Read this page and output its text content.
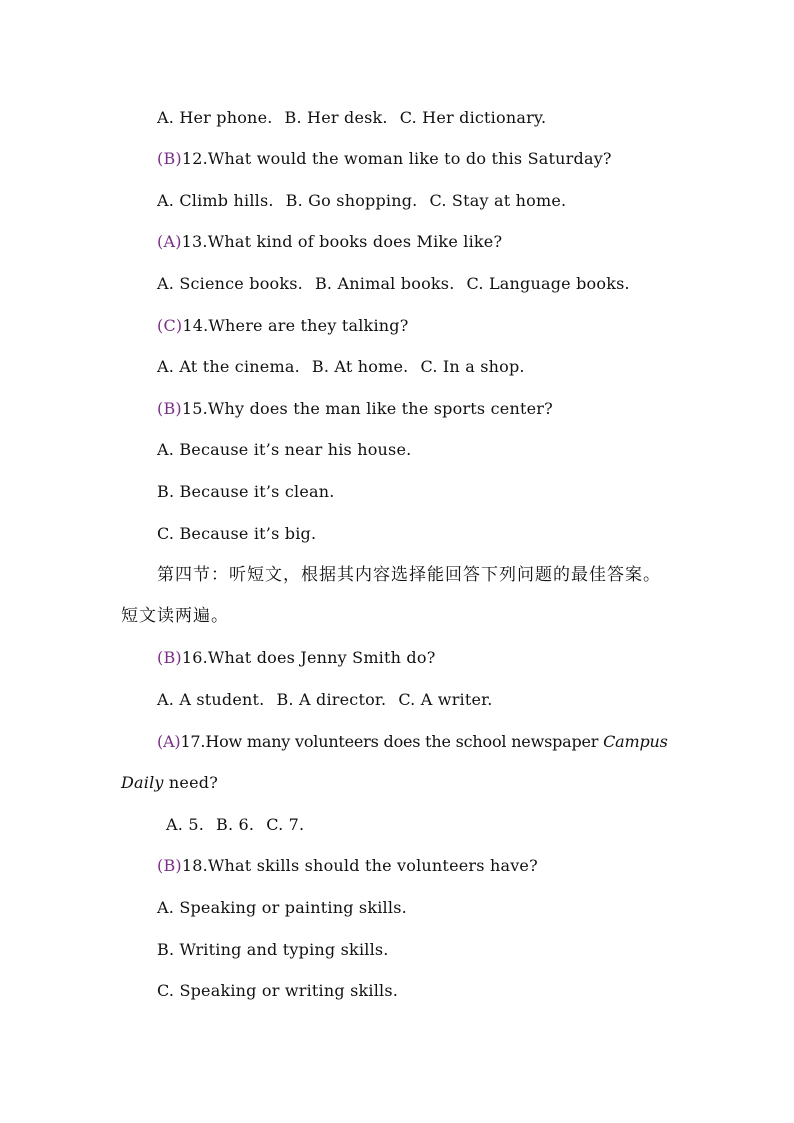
A. Her phone. B. Her desk. C. Her dictionary.
(B)12.What would the woman like to do this Saturday?
A. Climb hills. B. Go shopping. C. Stay at home.
(A)13.What kind of books does Mike like?
A. Science books. B. Animal books. C. Language books.
(C)14.Where are they talking?
A. At the cinema. B. At home. C. In a shop.
(B)15.Why does the man like the sports center?
A. Because it’s near his house.
B. Because it’s clean.
C. Because it’s big.
第四节：听短文，根据其内容选择能回答下列问题的最佳答案。
短文读两遍。
(B)16.What does Jenny Smith do?
A. A student. B. A director. C. A writer.
(A)17.How many volunteers does the school newspaper Campus
Daily need?
A. 5. B. 6. C. 7.
(B)18.What skills should the volunteers have?
A. Speaking or painting skills.
B. Writing and typing skills.
C. Speaking or writing skills.
